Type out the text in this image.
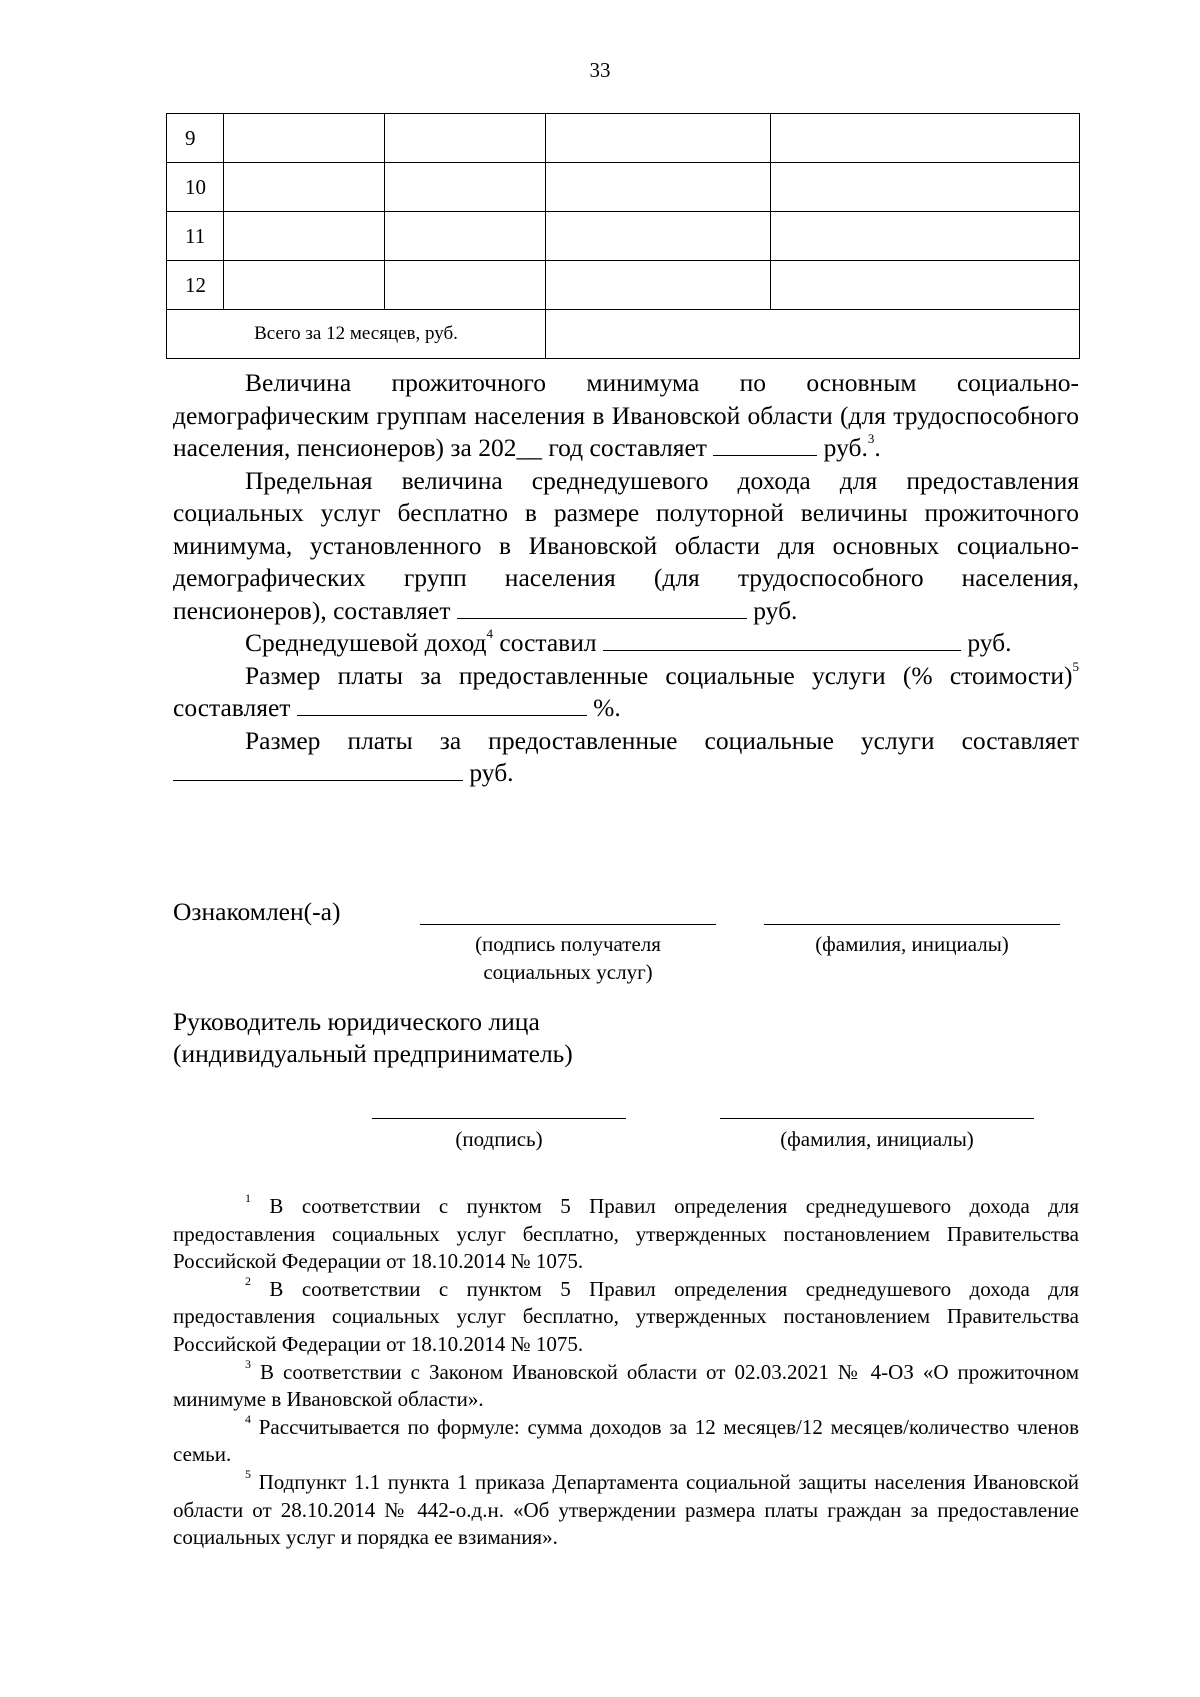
33
9				
10				
11				
12				
Всего за 12 месяцев, руб.				

Величина прожиточного минимума по основным социально-демографическим группам населения в Ивановской области (для трудоспособного населения, пенсионеров) за 202__ год составляет	руб.$^3$.

Предельная величина среднедушевого дохода для предоставления социальных услуг бесплатно в размере полуторной величины прожиточного минимума, установленного в Ивановской области для основных социально-демографических групп населения (для трудоспособного населения, пенсионеров), составляет	руб.

Среднедушевой доход$^4$ составил	руб.

Размер платы за предоставленные социальные услуги (% стоимости)$^5$ составляет	%.

Размер платы за предоставленные социальные услуги составляет  руб.

Ознакомлен(-а)
(подпись получателя социальных услуг)
(фамилия, инициалы)
Руководитель юридического лица
(индивидуальный предприниматель)
(подпись)	(фамилия, инициалы)

$^1$ В соответствии с пунктом 5 Правил определения среднедушевого дохода для предоставления социальных услуг бесплатно, утвержденных постановлением Правительства Российской Федерации от 18.10.2014 № 1075.

$^2$ В соответствии с пунктом 5 Правил определения среднедушевого дохода для предоставления социальных услуг бесплатно, утвержденных постановлением Правительства Российской Федерации от 18.10.2014 № 1075.

$^3$ В соответствии с Законом Ивановской области от 02.03.2021 № 4-ОЗ «О прожиточном минимуме в Ивановской области».

$^4$ Рассчитывается по формуле: сумма доходов за 12 месяцев/12 месяцев/количество членов семьи.

$^5$ Подпункт 1.1 пункта 1 приказа Департамента социальной защиты населения Ивановской области от 28.10.2014 № 442-о.д.н. «Об утверждении размера платы граждан за предоставление социальных услуг и порядка ее взимания».
